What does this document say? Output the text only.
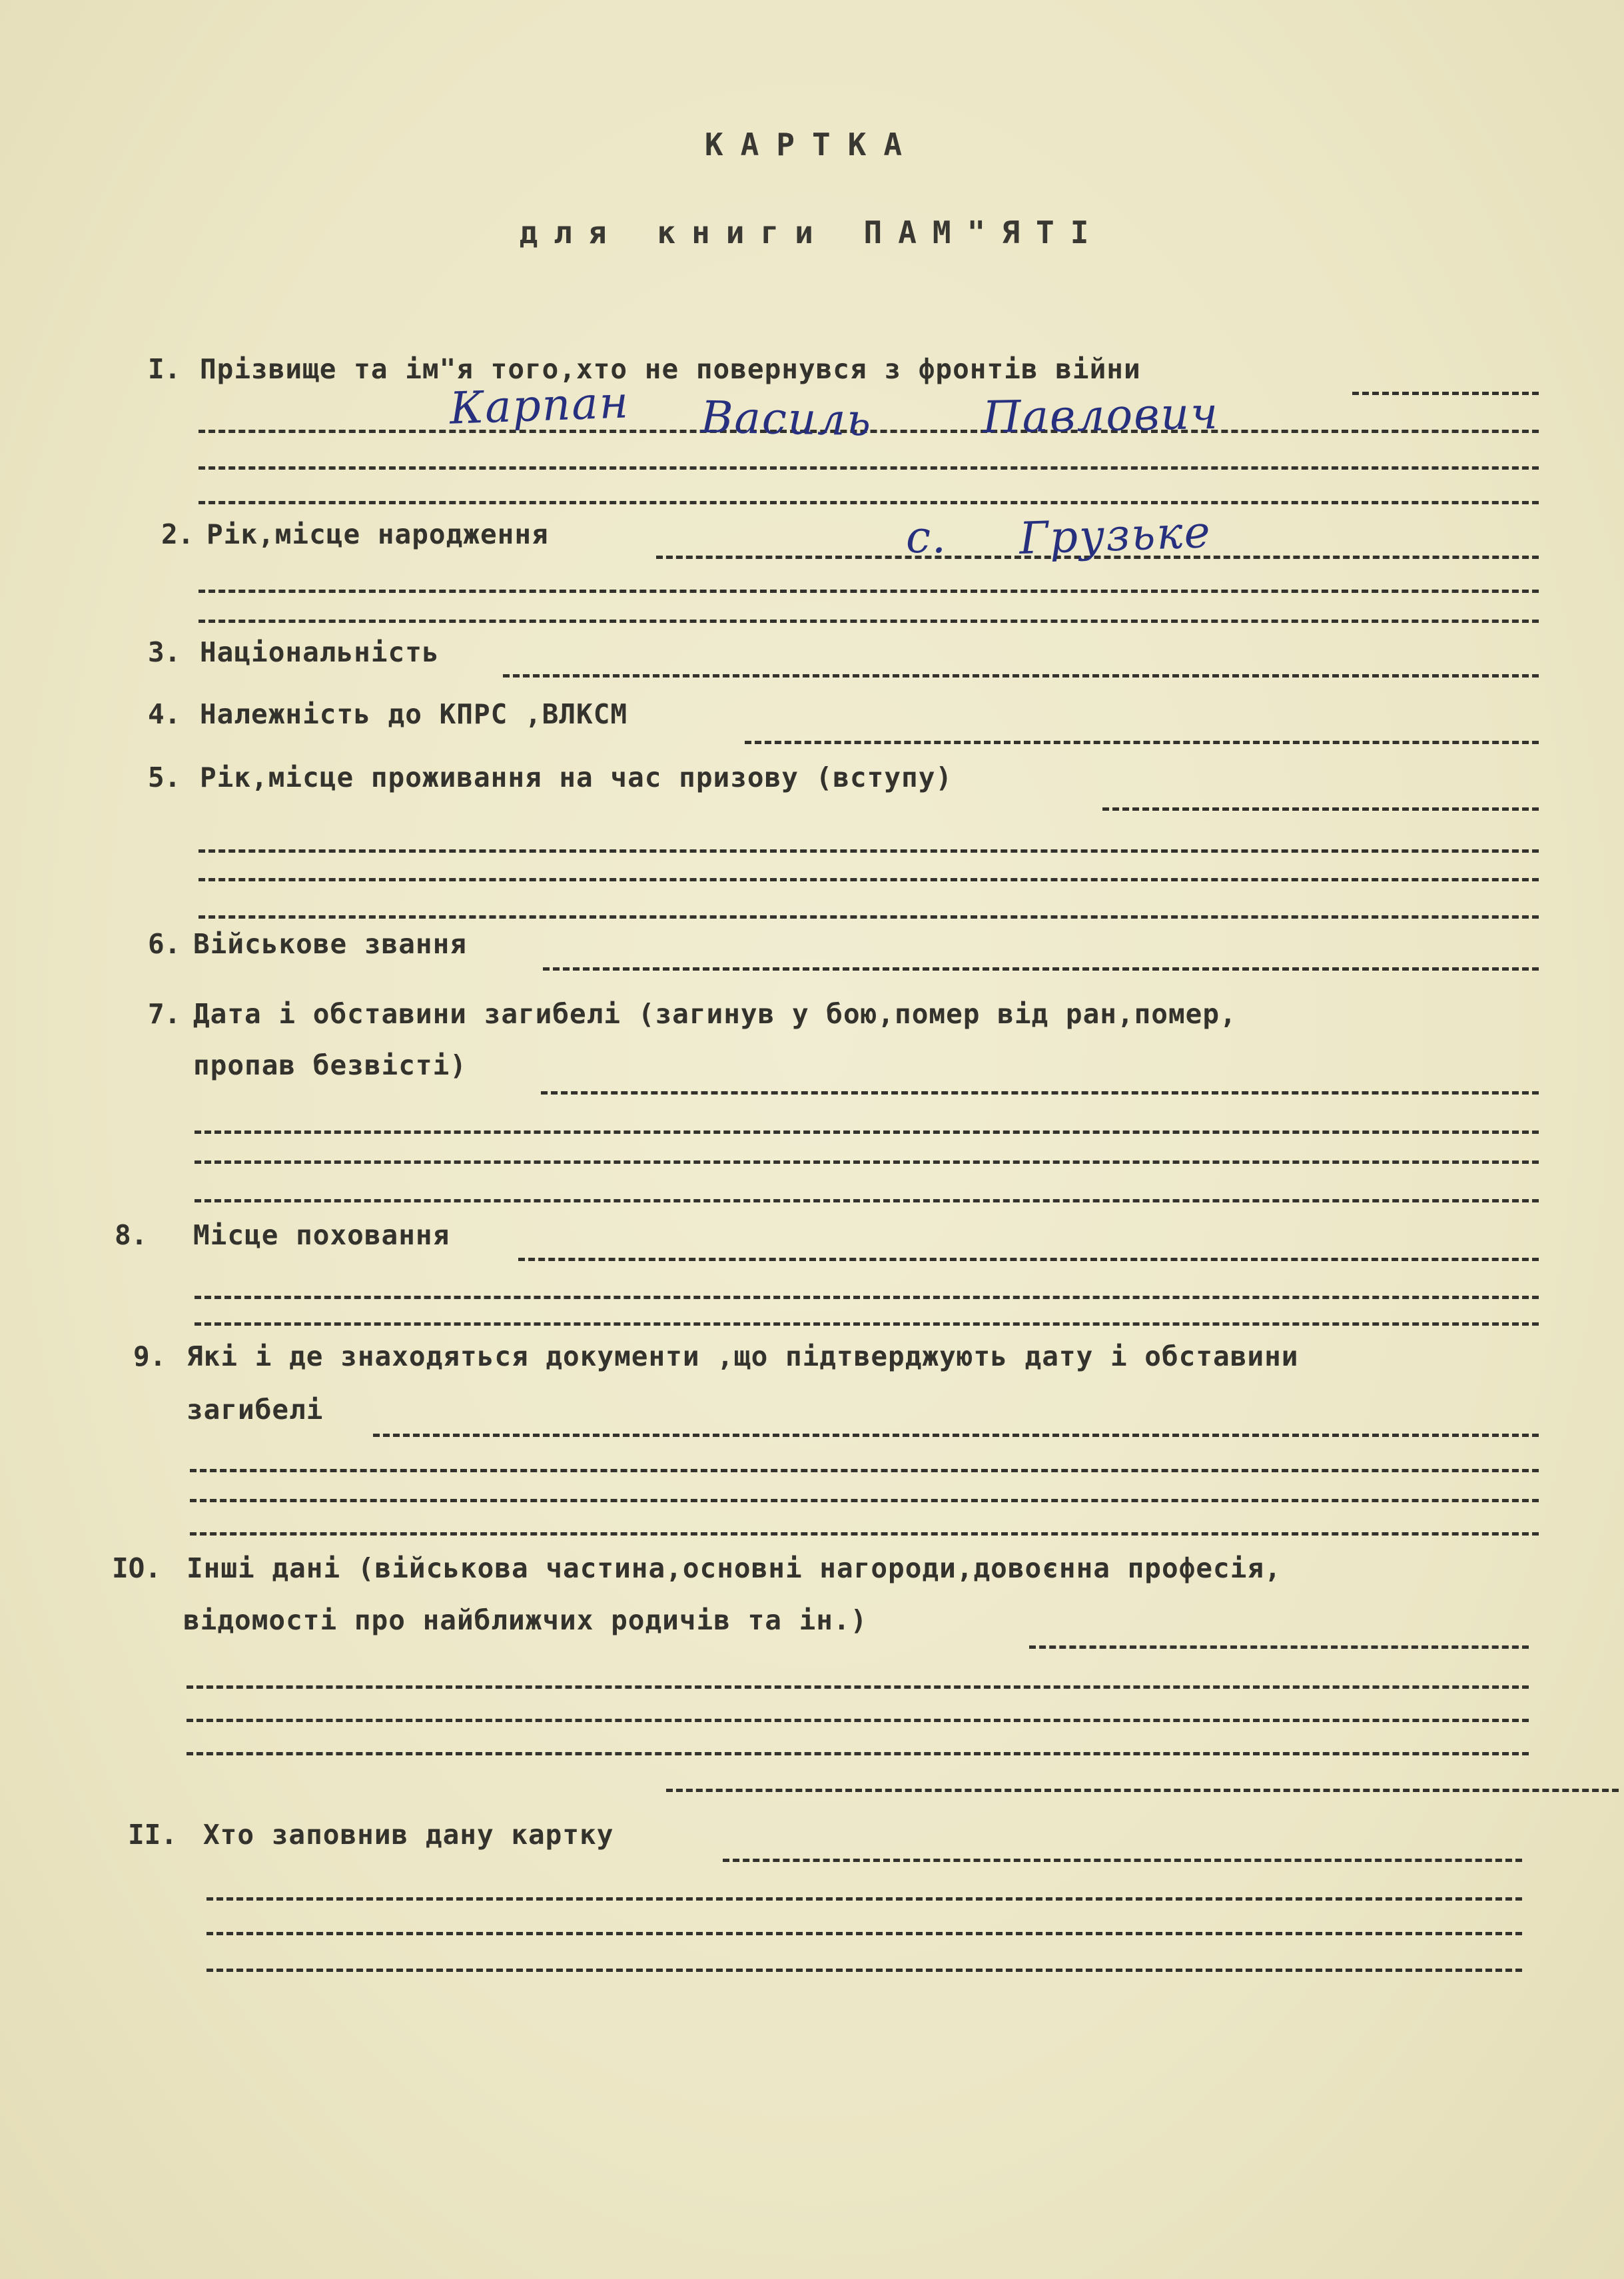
КАРТКА
для книги ПАМ"ЯТІ
I. Прізвище та ім"я того,хто не повернувся з фронтів війни
Карпан Василь Павлович
2. Рік,місце народження	с. Грузьке
3. Національність
4. Належність до КПРС ,ВЛКСМ
5. Рік,місце проживання на час призову (вступу)
6. Військове звання
7. Дата і обставини загибелі (загинув у бою,помер від ран,помер,
пропав безвісті)
8. Місце поховання
9. Які і де знаходяться документи ,що підтверджують дату і обставини
загибелі
IO. Інші дані (військова частина,основні нагороди,довоєнна професія,
відомості про найближчих родичів та ін.)
II. Хто заповнив дану картку
